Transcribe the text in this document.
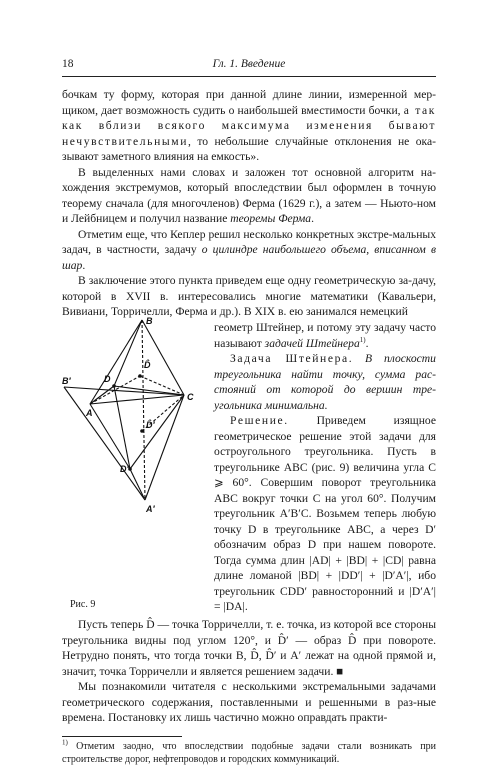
18	Гл. 1. Введение

бочкам ту форму, которая при данной длине линии, измеренной мер- щиком, дает возможность судить о наибольшей вместимости бочки, а так как вблизи всякого максимума изменения бывают нечувствительными, то небольшие случайные отклонения не ока- зывают заметного влияния на емкость».

В выделенных нами словах и заложен тот основной алгоритм на-хождения экстремумов, который впоследствии был оформлен в точную теорему сначала (для многочленов) Ферма (1629 г.), а затем — Ньюто-ном и Лейбницем и получил название теоремы Ферма.

Отметим еще, что Кеплер решил несколько конкретных экстре-мальных задач, в частности, задачу о цилиндре наибольшего объема, вписанном в шар.

В заключение этого пункта приведем еще одну геометрическую за-дачу, которой в XVII в. интересовались многие математики (Кавальери, Вивиани, Торричелли, Ферма и др.). В XIX в. ею занимался немецкий

B
D̂
D
B′
A
D̂′
C
D′
A′
Рис. 9

геометр Штейнер, и потому эту задачу часто называют задачей Штейнера$^{1)}$.

Задача Штейнера. В плоскости треугольника найти точку, сумма рас-стояний от которой до вершин тре-угольника минимальна.

Решение. Приведем изящное геометрическое решение этой задачи для остроугольного треугольника. Пусть в треугольнике ABC (рис. 9) величина угла C ⩾ 60°. Совершим поворот треугольника ABC вокруг точки C на угол 60°. Получим треугольник A′B′C. Возьмем теперь любую точку D в треугольнике ABC, а через D′ обозначим образ D при нашем повороте. Тогда сумма длин |AD| + |BD| + |CD| равна длине ломаной |BD| + |DD′| + |D′A′|, ибо треугольник CDD′ равносторонний и |D′A′| = |DA|.

Пусть теперь D̂ — точка Торричелли, т. е. точка, из которой все стороны треугольника видны под углом 120°, и D̂′ — образ D̂ при повороте. Нетрудно понять, что тогда точки B, D̂, D̂′ и A′ лежат на одной прямой и, значит, точка Торричелли и является решением задачи. ■

Мы познакомили читателя с несколькими экстремальными задачами геометрического содержания, поставленными и решенными в раз-ные времена. Постановку их лишь частично можно оправдать практи-

$^{1)}$ Отметим заодно, что впоследствии подобные задачи стали возникать при строительстве дорог, нефтепроводов и городских коммуникаций.
